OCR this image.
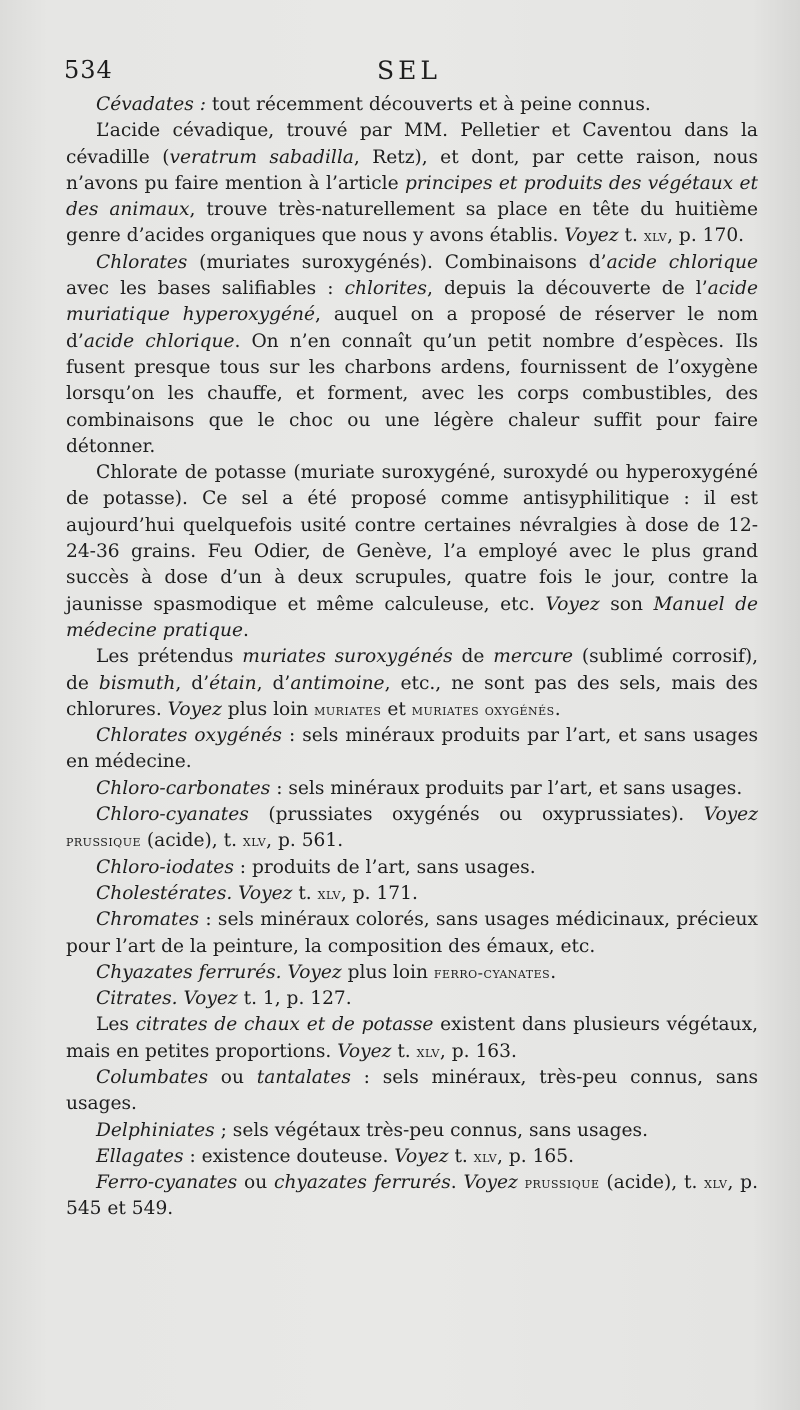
534	SEL

Cévadates : tout récemment découverts et à peine connus.

L’acide cévadique, trouvé par MM. Pelletier et Caventou dans la cévadille (veratrum sabadilla, Retz), et dont, par cette raison, nous n’avons pu faire mention à l’article principes et produits des végétaux et des animaux, trouve très-naturellement sa place en tête du huitième genre d’acides organiques que nous y avons établis. Voyez t. xlv, p. 170.

Chlorates (muriates suroxygénés). Combinaisons d’acide chlorique avec les bases salifiables : chlorites, depuis la découverte de l’acide muriatique hyperoxygéné, auquel on a proposé de réserver le nom d’acide chlorique. On n’en connaît qu’un petit nombre d’espèces. Ils fusent presque tous sur les charbons ardens, fournissent de l’oxygène lorsqu’on les chauffe, et forment, avec les corps combustibles, des combinaisons que le choc ou une légère chaleur suffit pour faire détonner.

Chlorate de potasse (muriate suroxygéné, suroxydé ou hyperoxygéné de potasse). Ce sel a été proposé comme antisyphilitique : il est aujourd’hui quelquefois usité contre certaines névralgies à dose de 12-24-36 grains. Feu Odier, de Genève, l’a employé avec le plus grand succès à dose d’un à deux scrupules, quatre fois le jour, contre la jaunisse spasmodique et même calculeuse, etc. Voyez son Manuel de médecine pratique.

Les prétendus muriates suroxygénés de mercure (sublimé corrosif), de bismuth, d’étain, d’antimoine, etc., ne sont pas des sels, mais des chlorures. Voyez plus loin muriates et muriates oxygénés.

Chlorates oxygénés : sels minéraux produits par l’art, et sans usages en médecine.

Chloro-carbonates : sels minéraux produits par l’art, et sans usages.

Chloro-cyanates (prussiates oxygénés ou oxyprussiates). Voyez prussique (acide), t. xlv, p. 561.

Chloro-iodates : produits de l’art, sans usages.

Cholestérates. Voyez t. xlv, p. 171.

Chromates : sels minéraux colorés, sans usages médicinaux, précieux pour l’art de la peinture, la composition des émaux, etc.

Chyazates ferrurés. Voyez plus loin ferro-cyanates.

Citrates. Voyez t. 1, p. 127.

Les citrates de chaux et de potasse existent dans plusieurs végétaux, mais en petites proportions. Voyez t. xlv, p. 163.

Columbates ou tantalates : sels minéraux, très-peu connus, sans usages.

Delphiniates ; sels végétaux très-peu connus, sans usages.

Ellagates : existence douteuse. Voyez t. xlv, p. 165.

Ferro-cyanates ou chyazates ferrurés. Voyez prussique (acide), t. xlv, p. 545 et 549.
